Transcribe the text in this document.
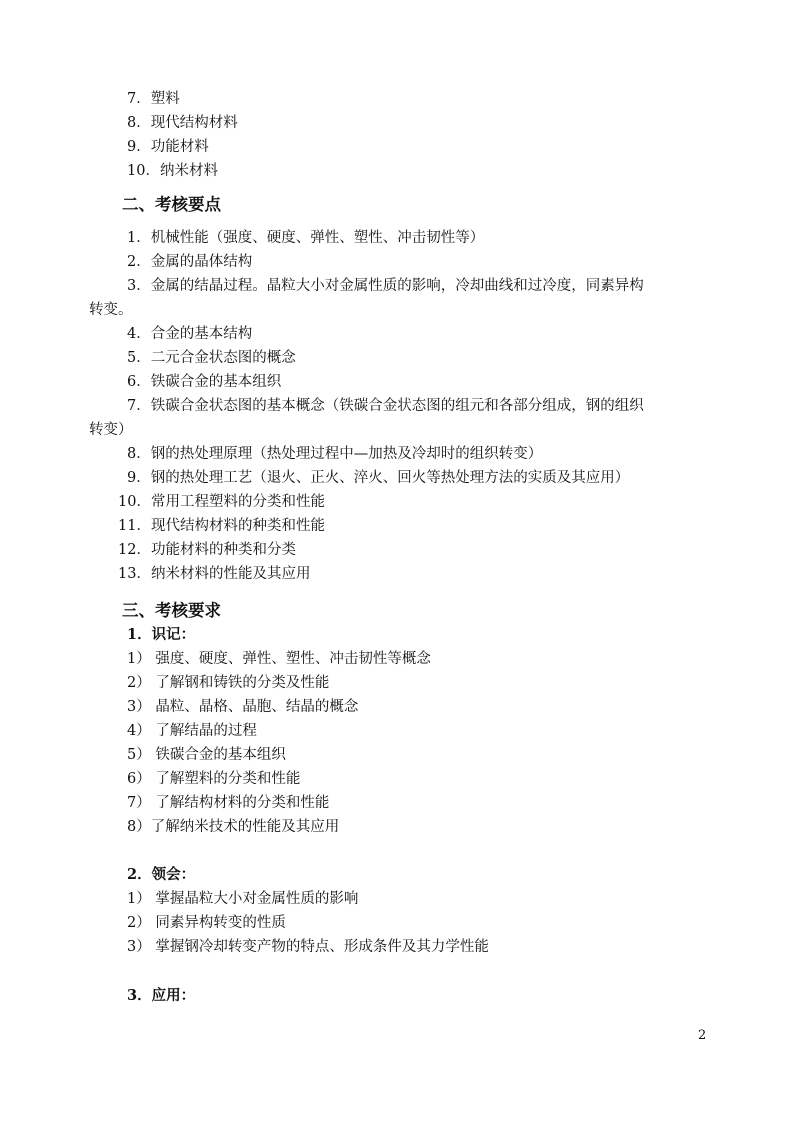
7．塑料
8．现代结构材料
9．功能材料
10．纳米材料
二、考核要点
1．机械性能（强度、硬度、弹性、塑性、冲击韧性等）
2．金属的晶体结构
3．金属的结晶过程。晶粒大小对金属性质的影响，冷却曲线和过冷度，同素异构
转变。
4．合金的基本结构
5．二元合金状态图的概念
6．铁碳合金的基本组织
7．铁碳合金状态图的基本概念（铁碳合金状态图的组元和各部分组成，钢的组织
转变）
8．钢的热处理原理（热处理过程中—加热及冷却时的组织转变）
9．钢的热处理工艺（退火、正火、淬火、回火等热处理方法的实质及其应用）
10．常用工程塑料的分类和性能
11．现代结构材料的种类和性能
12．功能材料的种类和分类
13．纳米材料的性能及其应用
三、考核要求
1．识记：
1） 强度、硬度、弹性、塑性、冲击韧性等概念
2） 了解钢和铸铁的分类及性能
3） 晶粒、晶格、晶胞、结晶的概念
4） 了解结晶的过程
5） 铁碳合金的基本组织
6） 了解塑料的分类和性能
7） 了解结构材料的分类和性能
8）了解纳米技术的性能及其应用
2．领会：
1） 掌握晶粒大小对金属性质的影响
2） 同素异构转变的性质
3） 掌握钢冷却转变产物的特点、形成条件及其力学性能
3．应用：
2
